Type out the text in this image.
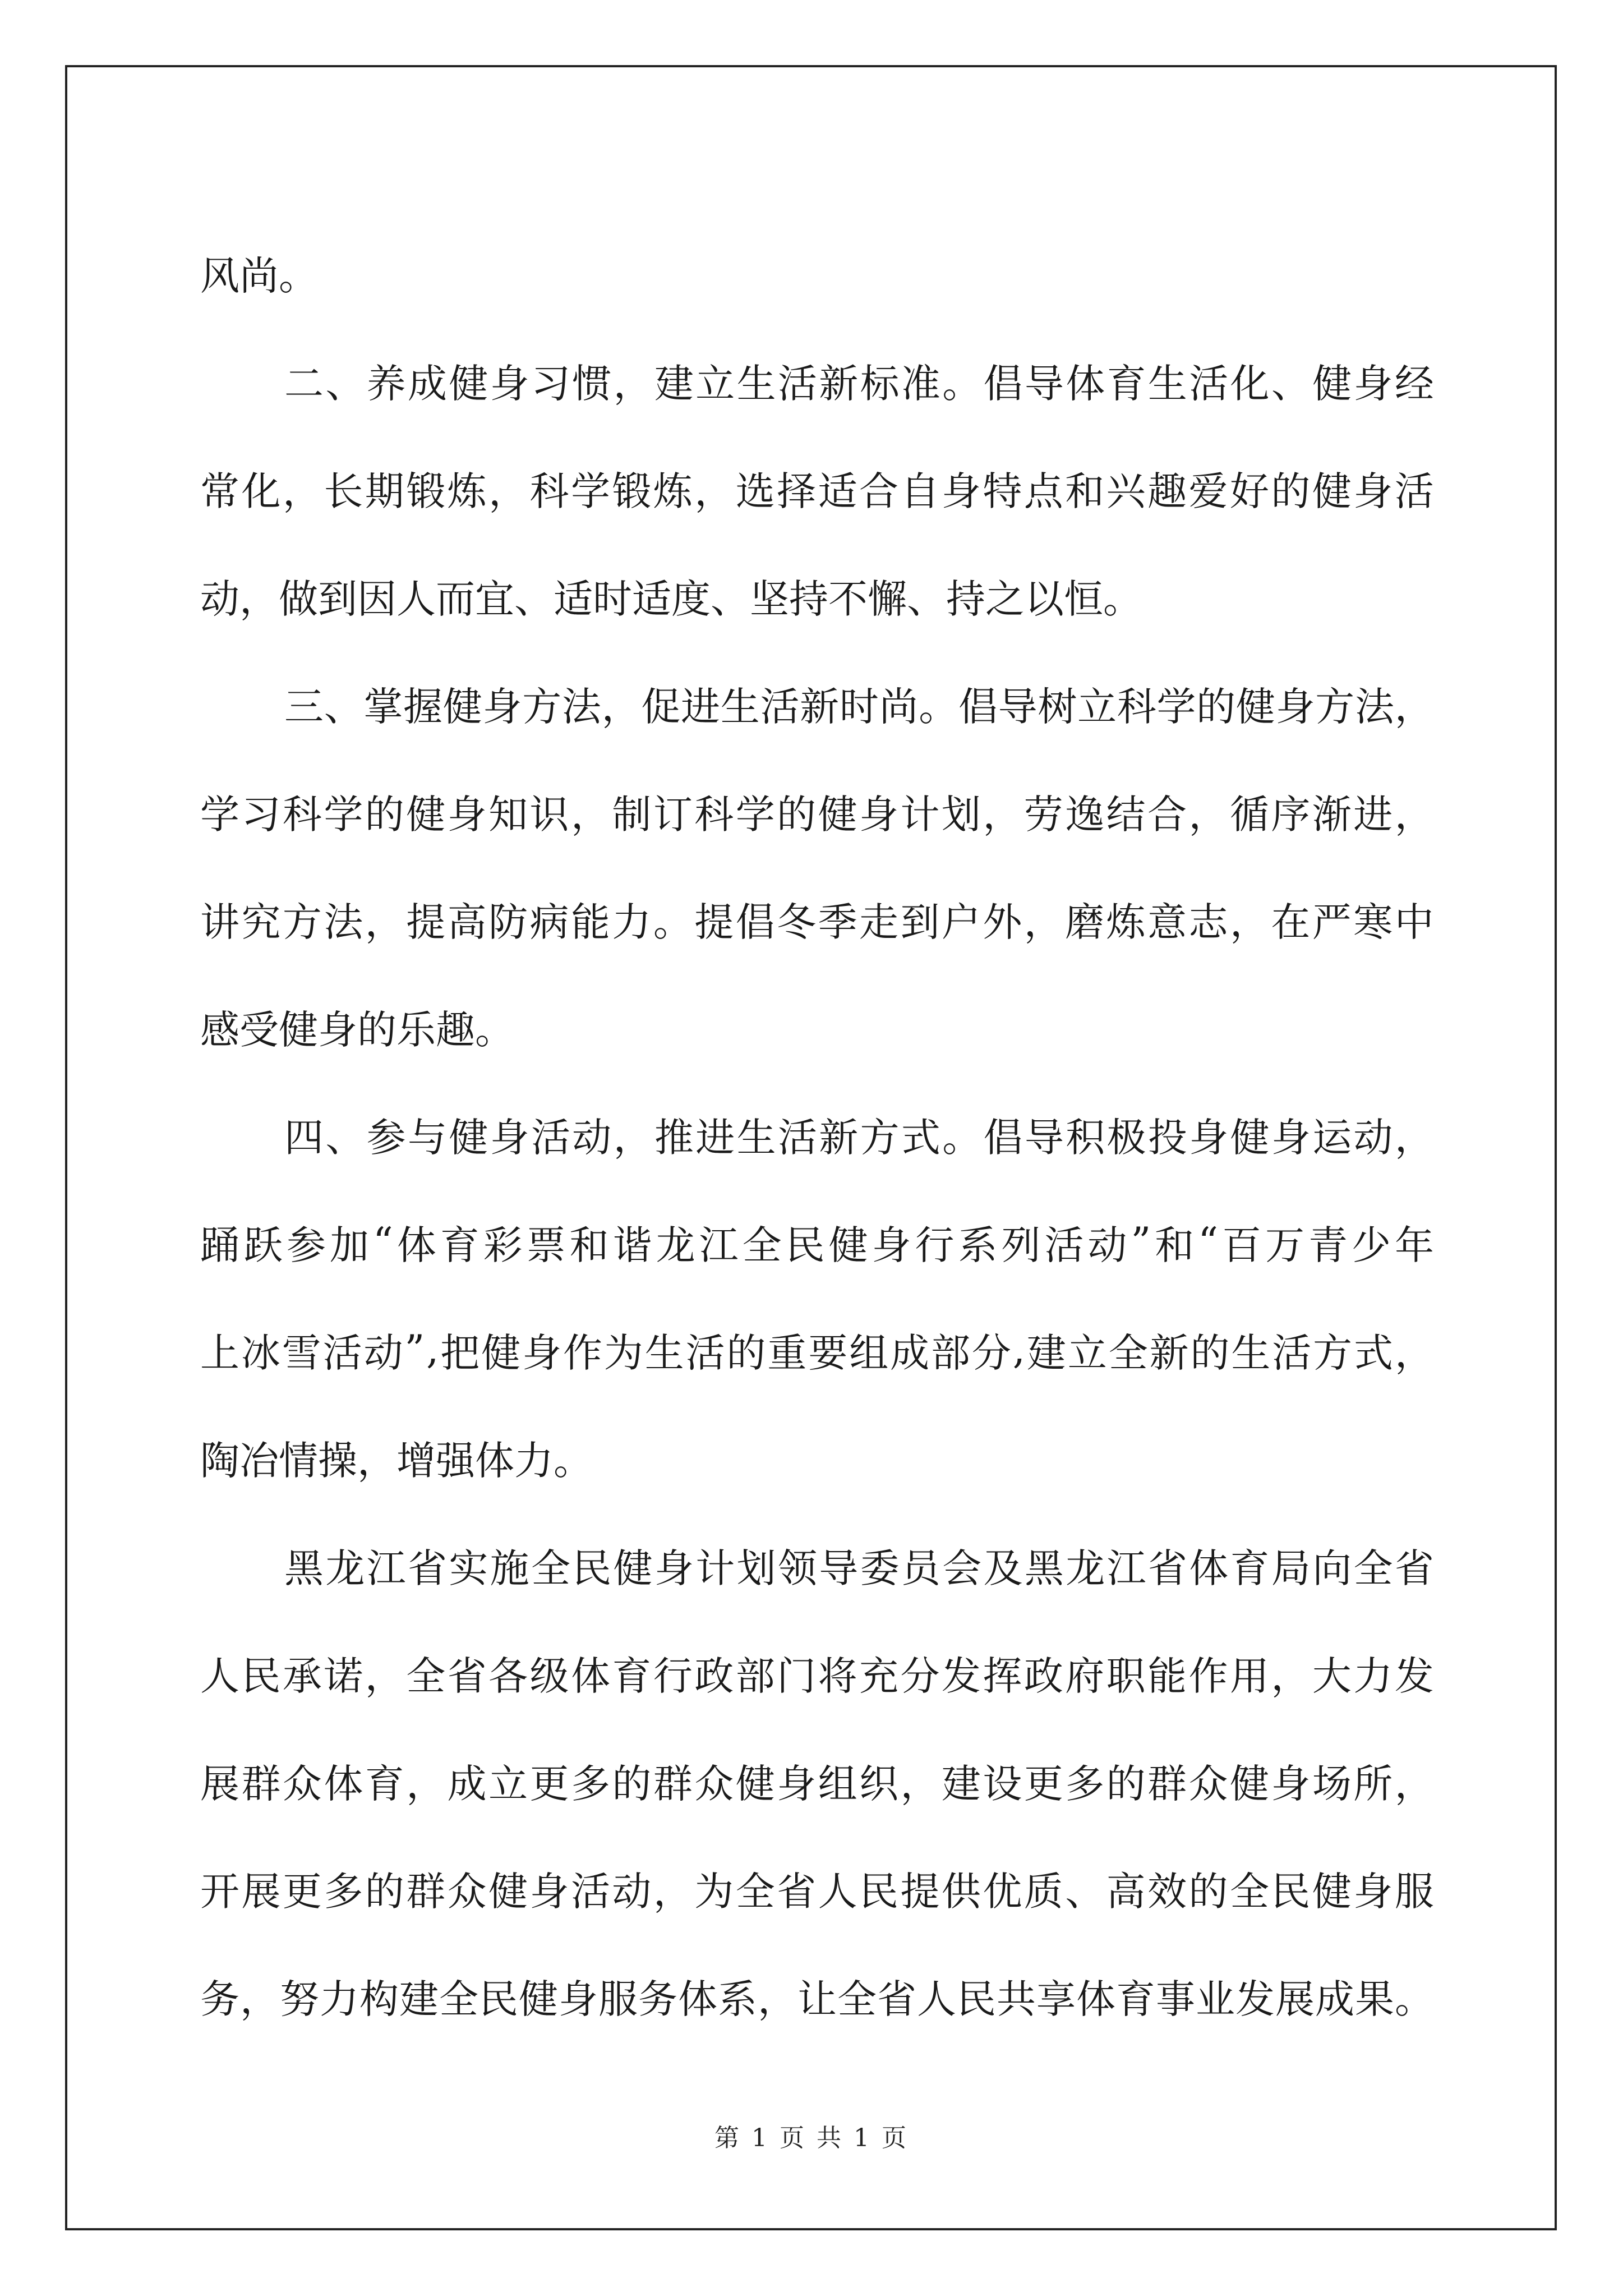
风尚。
二 、 养 成 健 身 习 惯 ， 建 立 生 活 新 标 准 。 倡 导 体 育 生 活 化 、 健 身 经
常 化 ， 长 期 锻 炼 ， 科 学 锻 炼 ， 选 择 适 合 自 身 特 点 和 兴 趣 爱 好 的 健 身 活
动，做到因人而宜、适时适度、坚持不懈、持之以恒。
三 、 掌 握 健 身 方 法 ， 促 进 生 活 新 时 尚 。 倡 导 树 立 科 学 的 健 身 方 法 ，
学 习 科 学 的 健 身 知 识 ， 制 订 科 学 的 健 身 计 划 ， 劳 逸 结 合 ， 循 序 渐 进 ，
讲 究 方 法 ， 提 高 防 病 能 力 。 提 倡 冬 季 走 到 户 外 ， 磨 炼 意 志 ， 在 严 寒 中
感受健身的乐趣。
四 、 参 与 健 身 活 动 ， 推 进 生 活 新 方 式 。 倡 导 积 极 投 身 健 身 运 动 ，
踊 跃 参 加 “ 体 育 彩 票 和 谐 龙 江 全 民 健 身 行 系 列 活 动 ” 和 “ 百 万 青 少 年
上 冰 雪 活 动 ” , 把 健 身 作 为 生 活 的 重 要 组 成 部 分 , 建 立 全 新 的 生 活 方 式 ，
陶冶情操，增强体力。
黑 龙 江 省 实 施 全 民 健 身 计 划 领 导 委 员 会 及 黑 龙 江 省 体 育 局 向 全 省
人 民 承 诺 ， 全 省 各 级 体 育 行 政 部 门 将 充 分 发 挥 政 府 职 能 作 用 ， 大 力 发
展 群 众 体 育 ， 成 立 更 多 的 群 众 健 身 组 织 ， 建 设 更 多 的 群 众 健 身 场 所 ，
开 展 更 多 的 群 众 健 身 活 动 ， 为 全 省 人 民 提 供 优 质 、 高 效 的 全 民 健 身 服
务 ， 努 力 构 建 全 民 健 身 服 务 体 系 ， 让 全 省 人 民 共 享 体 育 事 业 发 展 成 果 。
第 1 页 共 1 页
